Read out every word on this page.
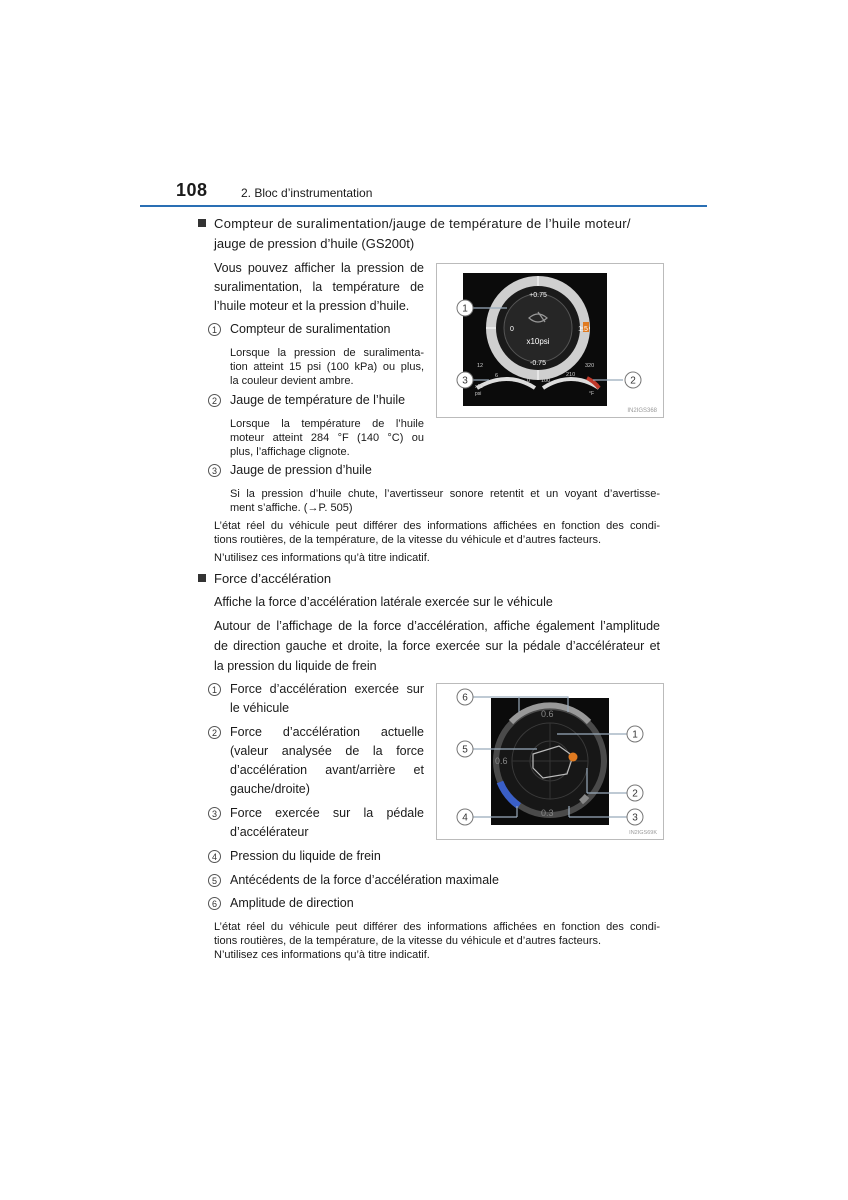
108	2. Bloc d’instrumentation
Compteur de suralimentation/jauge de température de l’huile moteur/
jauge de pression d’huile (GS200t)
Vous pouvez afficher la pression de
suralimentation, la température de
l’huile moteur et la pression d’huile.
1	Compteur de suralimentation
Lorsque la pression de suralimenta-
tion atteint 15 psi (100 kPa) ou plus,
la couleur devient ambre.
2	Jauge de température de l’huile
Lorsque la température de l’huile
moteur atteint 284 °F (140 °C) ou
plus, l’affichage clignote.
3	Jauge de pression d’huile
Si la pression d’huile chute, l’avertisseur sonore retentit et un voyant d’avertisse-
ment s’affiche. (→P. 505)
L’état réel du véhicule peut différer des informations affichées en fonction des condi-
tions routières, de la température, de la vitesse du véhicule et d’autres facteurs.
N’utilisez ces informations qu’à titre indicatif.
+0.75
0	1.5
-0.75
x10psi
12
6
0 100
210
320
x10
psi	°F
1
3	2
IN2IGS368
Force d’accélération
Affiche la force d’accélération latérale exercée sur le véhicule
Autour de l’affichage de la force d’accélération, affiche également l’amplitude
de direction gauche et droite, la force exercée sur la pédale d’accélérateur et
la pression du liquide de frein
1	Force d’accélération exercée sur
le véhicule
2	Force d’accélération actuelle
(valeur analysée de la force
d’accélération avant/arrière et
gauche/droite)
3	Force exercée sur la pédale
d’accélérateur
4	Pression du liquide de frein
5	Antécédents de la force d’accélération maximale
6	Amplitude de direction
L’état réel du véhicule peut différer des informations affichées en fonction des condi-
tions routières, de la température, de la vitesse du véhicule et d’autres facteurs.
N’utilisez ces informations qu’à titre indicatif.
0.6
0.6
0.3
6
5
4
1
2
3
IN2IGS69K
